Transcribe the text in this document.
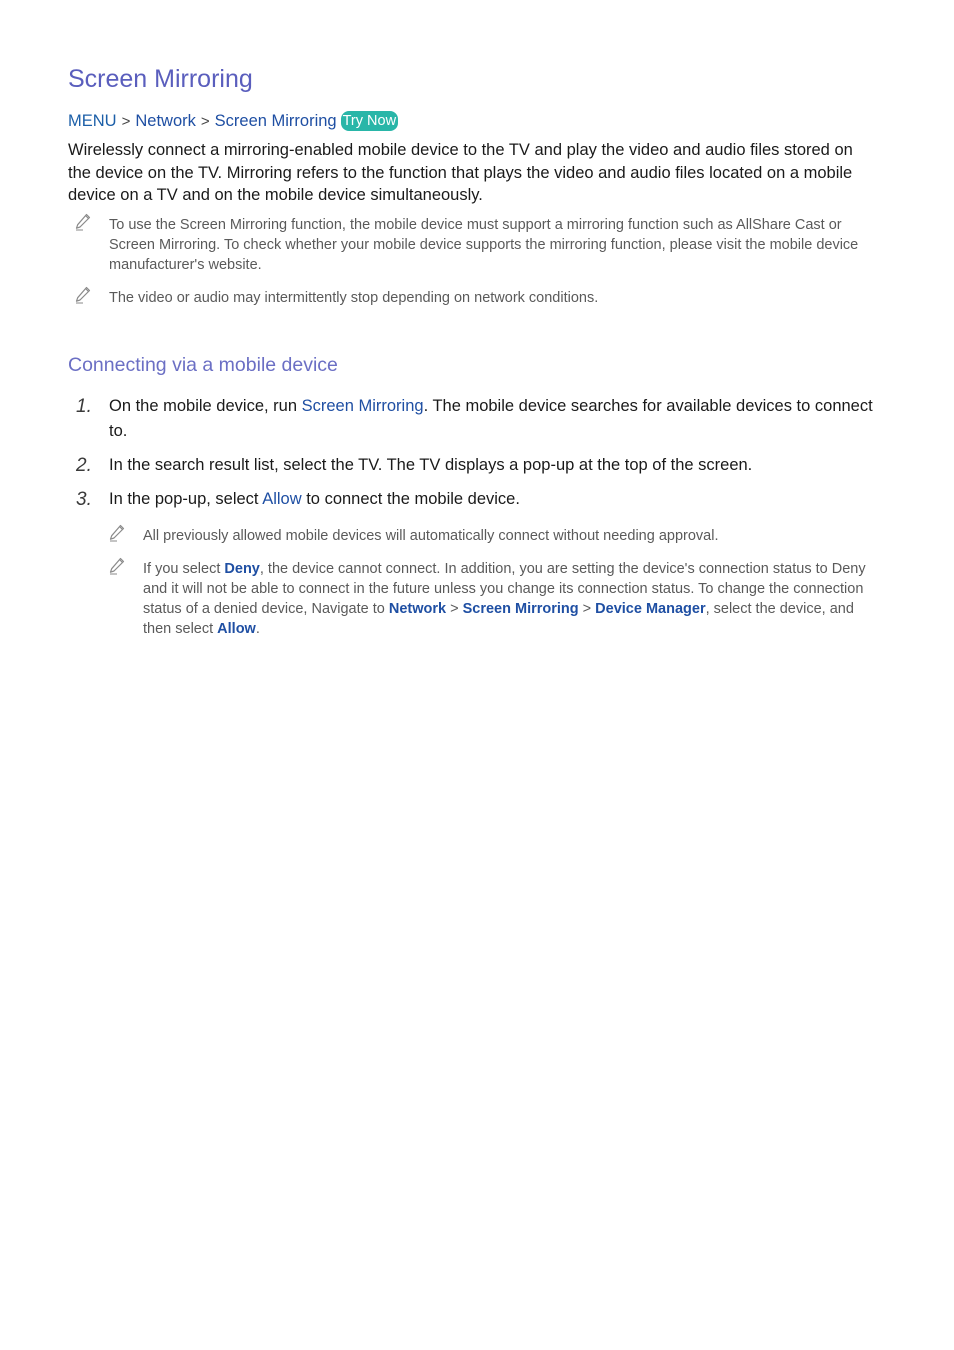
Screen Mirroring
MENU > Network > Screen Mirroring Try Now
Wirelessly connect a mirroring-enabled mobile device to the TV and play the video and audio files stored on the device on the TV. Mirroring refers to the function that plays the video and audio files located on a mobile device on a TV and on the mobile device simultaneously.
To use the Screen Mirroring function, the mobile device must support a mirroring function such as AllShare Cast or Screen Mirroring. To check whether your mobile device supports the mirroring function, please visit the mobile device manufacturer's website.
The video or audio may intermittently stop depending on network conditions.
Connecting via a mobile device
1. On the mobile device, run Screen Mirroring. The mobile device searches for available devices to connect to.
2. In the search result list, select the TV. The TV displays a pop-up at the top of the screen.
3. In the pop-up, select Allow to connect the mobile device.
All previously allowed mobile devices will automatically connect without needing approval.
If you select Deny, the device cannot connect. In addition, you are setting the device's connection status to Deny and it will not be able to connect in the future unless you change its connection status. To change the connection status of a denied device, Navigate to Network > Screen Mirroring > Device Manager, select the device, and then select Allow.
